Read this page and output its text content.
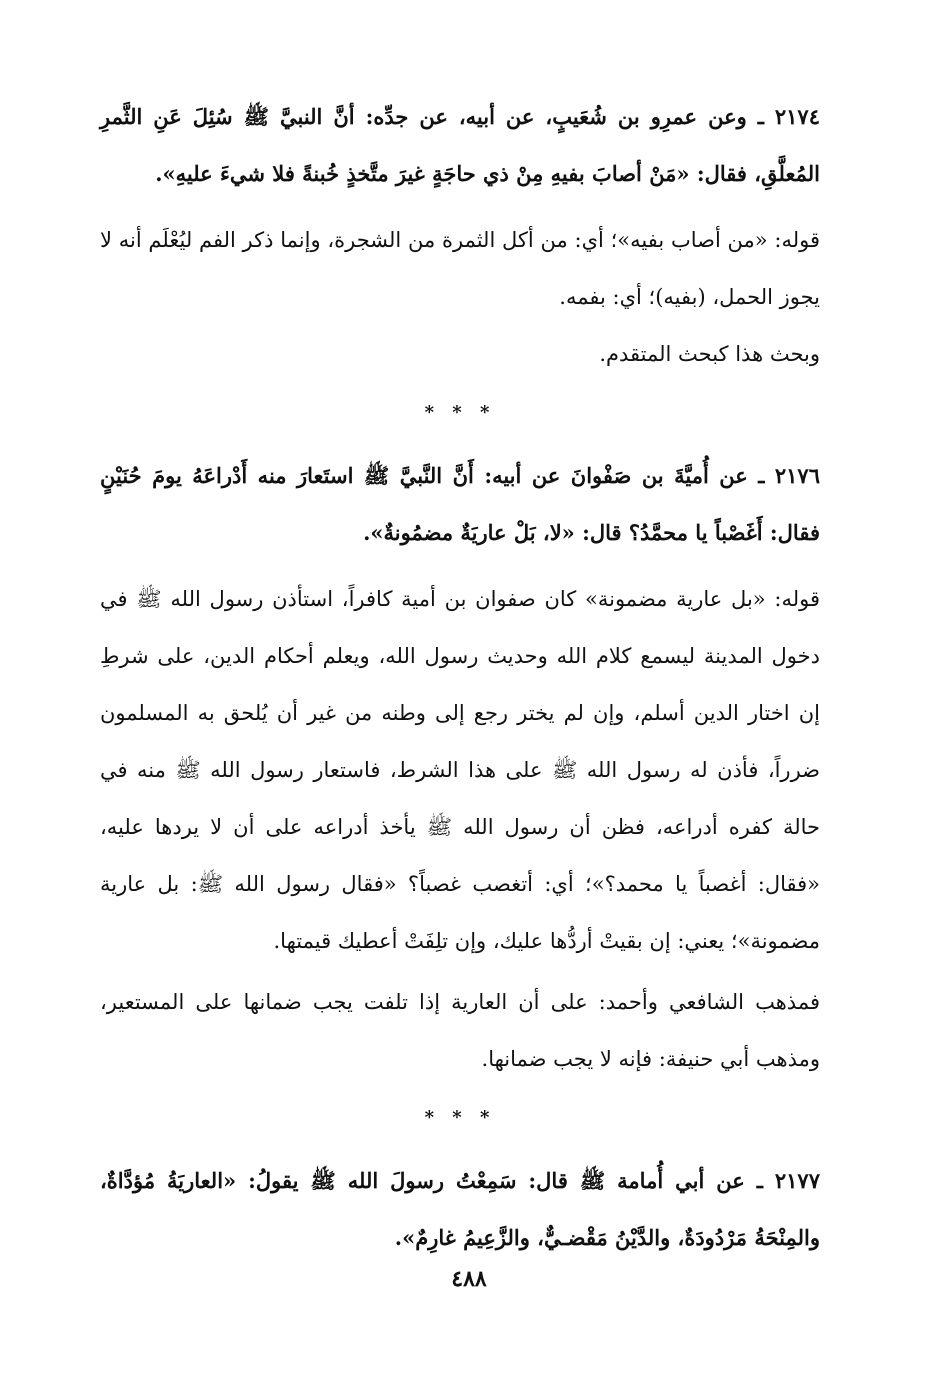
٢١٧٤ ـ وعن عمرِو بن شُعَيبٍ، عن أبيه، عن جدِّه: أنَّ النبيَّ ﷺ سُئِلَ عَنِ الثَّمرِ المُعلَّقِ، فقال: «مَنْ أصابَ بفيهِ مِنْ ذي حاجَةٍ غيرَ متَّخذٍ خُبنةً فلا شيءَ عليهِ».

قوله: «من أصاب بفيه»؛ أي: من أكل الثمرة من الشجرة، وإنما ذكر الفم ليُعْلَم أنه لا يجوز الحمل، (بفيه)؛ أي: بفمه.

وبحث هذا كبحث المتقدم.

* * *

٢١٧٦ ـ عن أُميَّةَ بن صَفْوانَ عن أبيه: أَنَّ النَّبيَّ ﷺ استَعارَ منه أَدْراعَهُ يومَ حُنَيْنٍ فقال: أَغَصْباً يا محمَّدُ؟ قال: «لا، بَلْ عاريَةٌ مضمُونةٌ».

قوله: «بل عارية مضمونة» كان صفوان بن أمية كافراً، استأذن رسول الله ﷺ في دخول المدينة ليسمع كلام الله وحديث رسول الله، ويعلم أحكام الدين، على شرطِ إن اختار الدين أسلم، وإن لم يختر رجع إلى وطنه من غير أن يُلحق به المسلمون ضرراً، فأذن له رسول الله ﷺ على هذا الشرط، فاستعار رسول الله ﷺ منه في حالة كفره أدراعه، فظن أن رسول الله ﷺ يأخذ أدراعه على أن لا يردها عليه، «فقال: أغصباً يا محمد؟»؛ أي: أتغصب غصباً؟ «فقال رسول الله ﷺ: بل عارية مضمونة»؛ يعني: إن بقيتْ أردُّها عليك، وإن تلِفَتْ أعطيك قيمتها.

فمذهب الشافعي وأحمد: على أن العارية إذا تلفت يجب ضمانها على المستعير، ومذهب أبي حنيفة: فإنه لا يجب ضمانها.

* * *

٢١٧٧ ـ عن أبي أُمامة ﷺ قال: سَمِعْتُ رسولَ الله ﷺ يقولُ: «العاريَةُ مُؤدَّاةٌ، والمِنْحَةُ مَرْدُودَةٌ، والدَّيْنُ مَقْضـيٌّ، والزَّعِيمُ غارِمٌ».

٤٨٨
